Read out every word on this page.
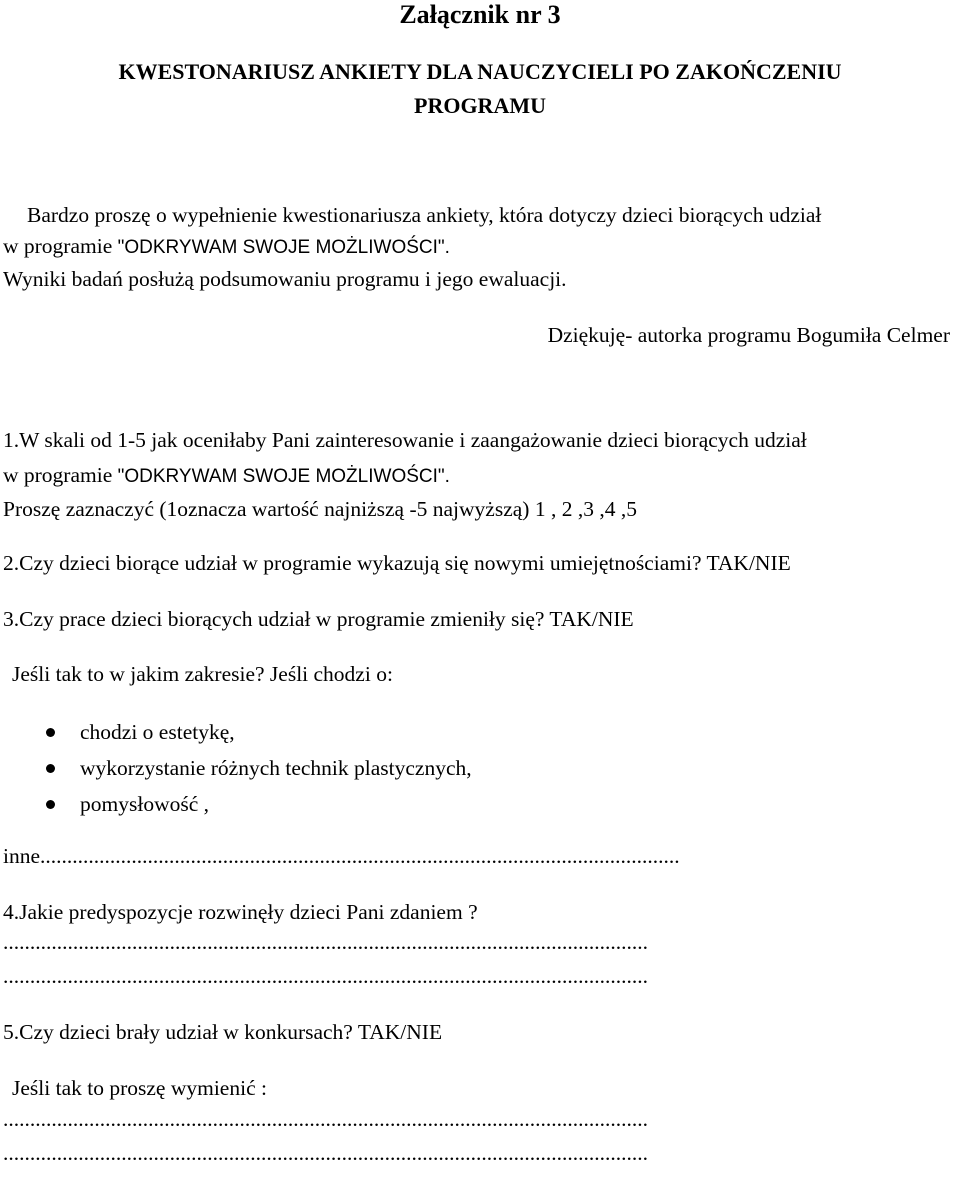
Załącznik nr 3
KWESTONARIUSZ ANKIETY DLA NAUCZYCIELI PO ZAKOŃCZENIU
PROGRAMU
Bardzo proszę o wypełnienie kwestionariusza ankiety, która dotyczy dzieci biorących udział
w programie "ODKRYWAM SWOJE MOŻLIWOŚCI".
Wyniki badań posłużą podsumowaniu programu i jego ewaluacji.
Dziękuję- autorka programu Bogumiła Celmer
1.W skali od 1-5 jak oceniłaby Pani zainteresowanie i zaangażowanie dzieci biorących udział
w programie "ODKRYWAM SWOJE MOŻLIWOŚCI".
Proszę zaznaczyć (1oznacza wartość najniższą -5 najwyższą) 1 , 2 ,3 ,4 ,5
2.Czy dzieci biorące udział w programie wykazują się nowymi umiejętnościami? TAK/NIE
3.Czy prace dzieci biorących udział w programie zmieniły się? TAK/NIE
Jeśli tak to w jakim zakresie? Jeśli chodzi o:
chodzi o estetykę,
wykorzystanie różnych technik plastycznych,
pomysłowość ,
inne.......................................................................................................................
4.Jakie predyspozycje rozwinęły dzieci Pani zdaniem ?
........................................................................................................................
........................................................................................................................
5.Czy dzieci brały udział w konkursach? TAK/NIE
Jeśli tak to proszę wymienić :
........................................................................................................................
........................................................................................................................
